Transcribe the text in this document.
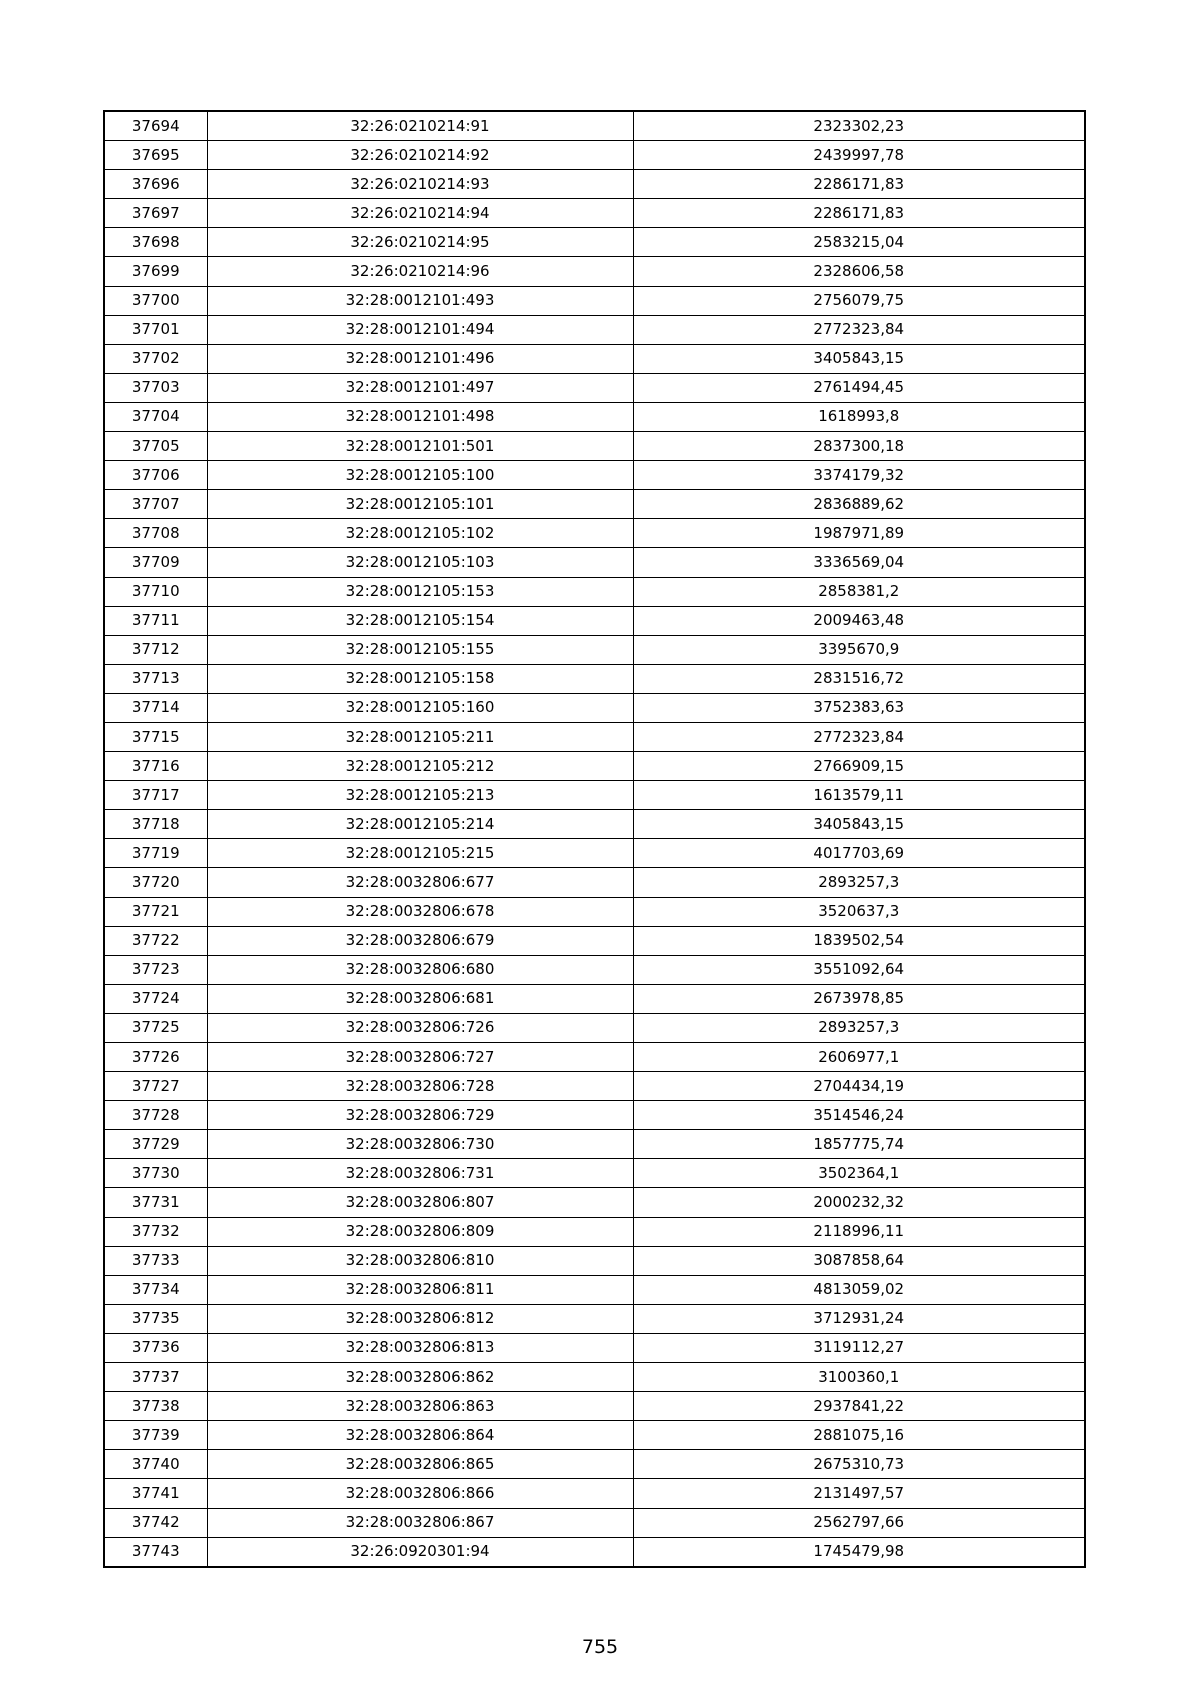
37694	32:26:0210214:91	2323302,23
37695	32:26:0210214:92	2439997,78
37696	32:26:0210214:93	2286171,83
37697	32:26:0210214:94	2286171,83
37698	32:26:0210214:95	2583215,04
37699	32:26:0210214:96	2328606,58
37700	32:28:0012101:493	2756079,75
37701	32:28:0012101:494	2772323,84
37702	32:28:0012101:496	3405843,15
37703	32:28:0012101:497	2761494,45
37704	32:28:0012101:498	1618993,8
37705	32:28:0012101:501	2837300,18
37706	32:28:0012105:100	3374179,32
37707	32:28:0012105:101	2836889,62
37708	32:28:0012105:102	1987971,89
37709	32:28:0012105:103	3336569,04
37710	32:28:0012105:153	2858381,2
37711	32:28:0012105:154	2009463,48
37712	32:28:0012105:155	3395670,9
37713	32:28:0012105:158	2831516,72
37714	32:28:0012105:160	3752383,63
37715	32:28:0012105:211	2772323,84
37716	32:28:0012105:212	2766909,15
37717	32:28:0012105:213	1613579,11
37718	32:28:0012105:214	3405843,15
37719	32:28:0012105:215	4017703,69
37720	32:28:0032806:677	2893257,3
37721	32:28:0032806:678	3520637,3
37722	32:28:0032806:679	1839502,54
37723	32:28:0032806:680	3551092,64
37724	32:28:0032806:681	2673978,85
37725	32:28:0032806:726	2893257,3
37726	32:28:0032806:727	2606977,1
37727	32:28:0032806:728	2704434,19
37728	32:28:0032806:729	3514546,24
37729	32:28:0032806:730	1857775,74
37730	32:28:0032806:731	3502364,1
37731	32:28:0032806:807	2000232,32
37732	32:28:0032806:809	2118996,11
37733	32:28:0032806:810	3087858,64
37734	32:28:0032806:811	4813059,02
37735	32:28:0032806:812	3712931,24
37736	32:28:0032806:813	3119112,27
37737	32:28:0032806:862	3100360,1
37738	32:28:0032806:863	2937841,22
37739	32:28:0032806:864	2881075,16
37740	32:28:0032806:865	2675310,73
37741	32:28:0032806:866	2131497,57
37742	32:28:0032806:867	2562797,66
37743	32:26:0920301:94	1745479,98
755
